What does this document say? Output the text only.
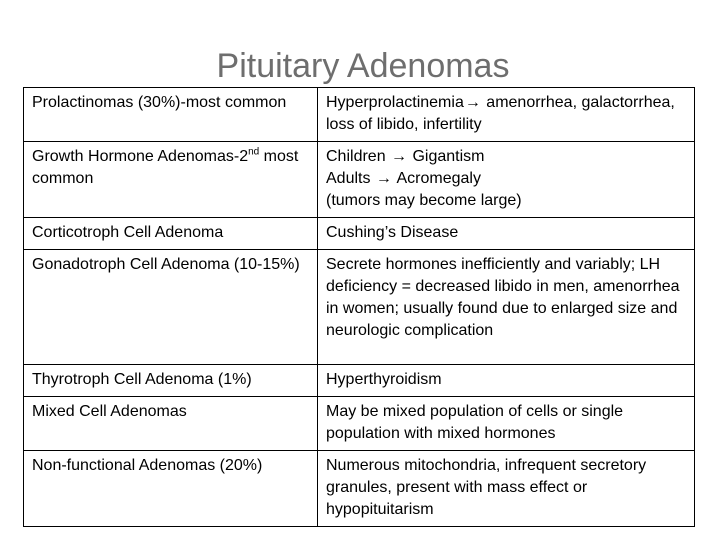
Pituitary Adenomas
Prolactinomas (30%)-most common	Hyperprolactinemia→ amenorrhea, galactorrhea, loss of libido, infertility
Growth Hormone Adenomas-2nd most common	Children → Gigantism
Adults → Acromegaly
(tumors may become large)

Corticotroph Cell Adenoma	Cushing’s Disease
Gonadotroph Cell Adenoma (10-15%)	Secrete hormones inefficiently and variably; LH deficiency = decreased libido in men, amenorrhea in women; usually found due to enlarged size and neurologic complication
Thyrotroph Cell Adenoma (1%)	Hyperthyroidism
Mixed Cell Adenomas	May be mixed population of cells or single population with mixed hormones
Non-functional Adenomas (20%)	Numerous mitochondria, infrequent secretory granules, present with mass effect or hypopituitarism
